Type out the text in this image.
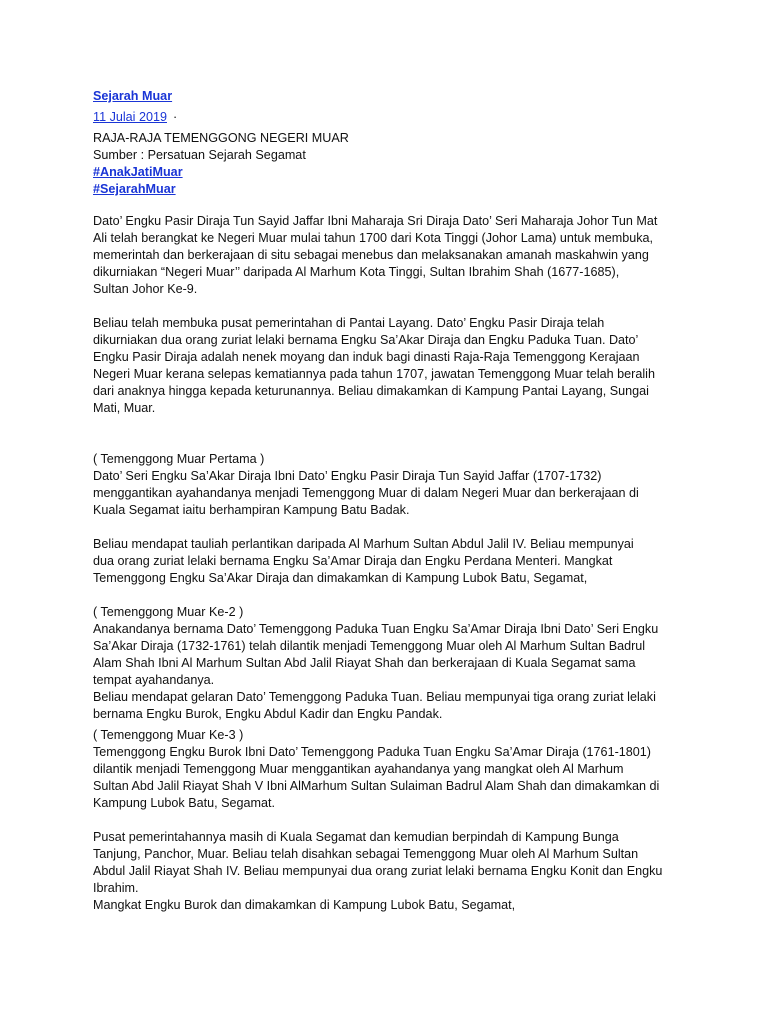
Sejarah Muar
11 Julai 2019 ·
RAJA-RAJA TEMENGGONG NEGERI MUAR
Sumber : Persatuan Sejarah Segamat
#AnakJatiMuar
#SejarahMuar
Dato’ Engku Pasir Diraja Tun Sayid Jaffar Ibni Maharaja Sri Diraja Dato’ Seri Maharaja Johor Tun Mat
Ali telah berangkat ke Negeri Muar mulai tahun 1700 dari Kota Tinggi (Johor Lama) untuk membuka,
memerintah dan berkerajaan di situ sebagai menebus dan melaksanakan amanah maskahwin yang
dikurniakan “Negeri Muar’’ daripada Al Marhum Kota Tinggi, Sultan Ibrahim Shah (1677-1685),
Sultan Johor Ke-9.
Beliau telah membuka pusat pemerintahan di Pantai Layang. Dato’ Engku Pasir Diraja telah
dikurniakan dua orang zuriat lelaki bernama Engku Sa’Akar Diraja dan Engku Paduka Tuan. Dato’
Engku Pasir Diraja adalah nenek moyang dan induk bagi dinasti Raja-Raja Temenggong Kerajaan
Negeri Muar kerana selepas kematiannya pada tahun 1707, jawatan Temenggong Muar telah beralih
dari anaknya hingga kepada keturunannya. Beliau dimakamkan di Kampung Pantai Layang, Sungai
Mati, Muar.
( Temenggong Muar Pertama )
Dato’ Seri Engku Sa’Akar Diraja Ibni Dato’ Engku Pasir Diraja Tun Sayid Jaffar (1707-1732)
menggantikan ayahandanya menjadi Temenggong Muar di dalam Negeri Muar dan berkerajaan di
Kuala Segamat iaitu berhampiran Kampung Batu Badak.
Beliau mendapat tauliah perlantikan daripada Al Marhum Sultan Abdul Jalil IV. Beliau mempunyai
dua orang zuriat lelaki bernama Engku Sa’Amar Diraja dan Engku Perdana Menteri. Mangkat
Temenggong Engku Sa’Akar Diraja dan dimakamkan di Kampung Lubok Batu, Segamat,
( Temenggong Muar Ke-2 )
Anakandanya bernama Dato’ Temenggong Paduka Tuan Engku Sa’Amar Diraja Ibni Dato’ Seri Engku
Sa’Akar Diraja (1732-1761) telah dilantik menjadi Temenggong Muar oleh Al Marhum Sultan Badrul
Alam Shah Ibni Al Marhum Sultan Abd Jalil Riayat Shah dan berkerajaan di Kuala Segamat sama
tempat ayahandanya.
Beliau mendapat gelaran Dato’ Temenggong Paduka Tuan. Beliau mempunyai tiga orang zuriat lelaki
bernama Engku Burok, Engku Abdul Kadir dan Engku Pandak.
( Temenggong Muar Ke-3 )
Temenggong Engku Burok Ibni Dato’ Temenggong Paduka Tuan Engku Sa’Amar Diraja (1761-1801)
dilantik menjadi Temenggong Muar menggantikan ayahandanya yang mangkat oleh Al Marhum
Sultan Abd Jalil Riayat Shah V Ibni AlMarhum Sultan Sulaiman Badrul Alam Shah dan dimakamkan di
Kampung Lubok Batu, Segamat.
Pusat pemerintahannya masih di Kuala Segamat dan kemudian berpindah di Kampung Bunga
Tanjung, Panchor, Muar. Beliau telah disahkan sebagai Temenggong Muar oleh Al Marhum Sultan
Abdul Jalil Riayat Shah IV. Beliau mempunyai dua orang zuriat lelaki bernama Engku Konit dan Engku
Ibrahim.
Mangkat Engku Burok dan dimakamkan di Kampung Lubok Batu, Segamat,
